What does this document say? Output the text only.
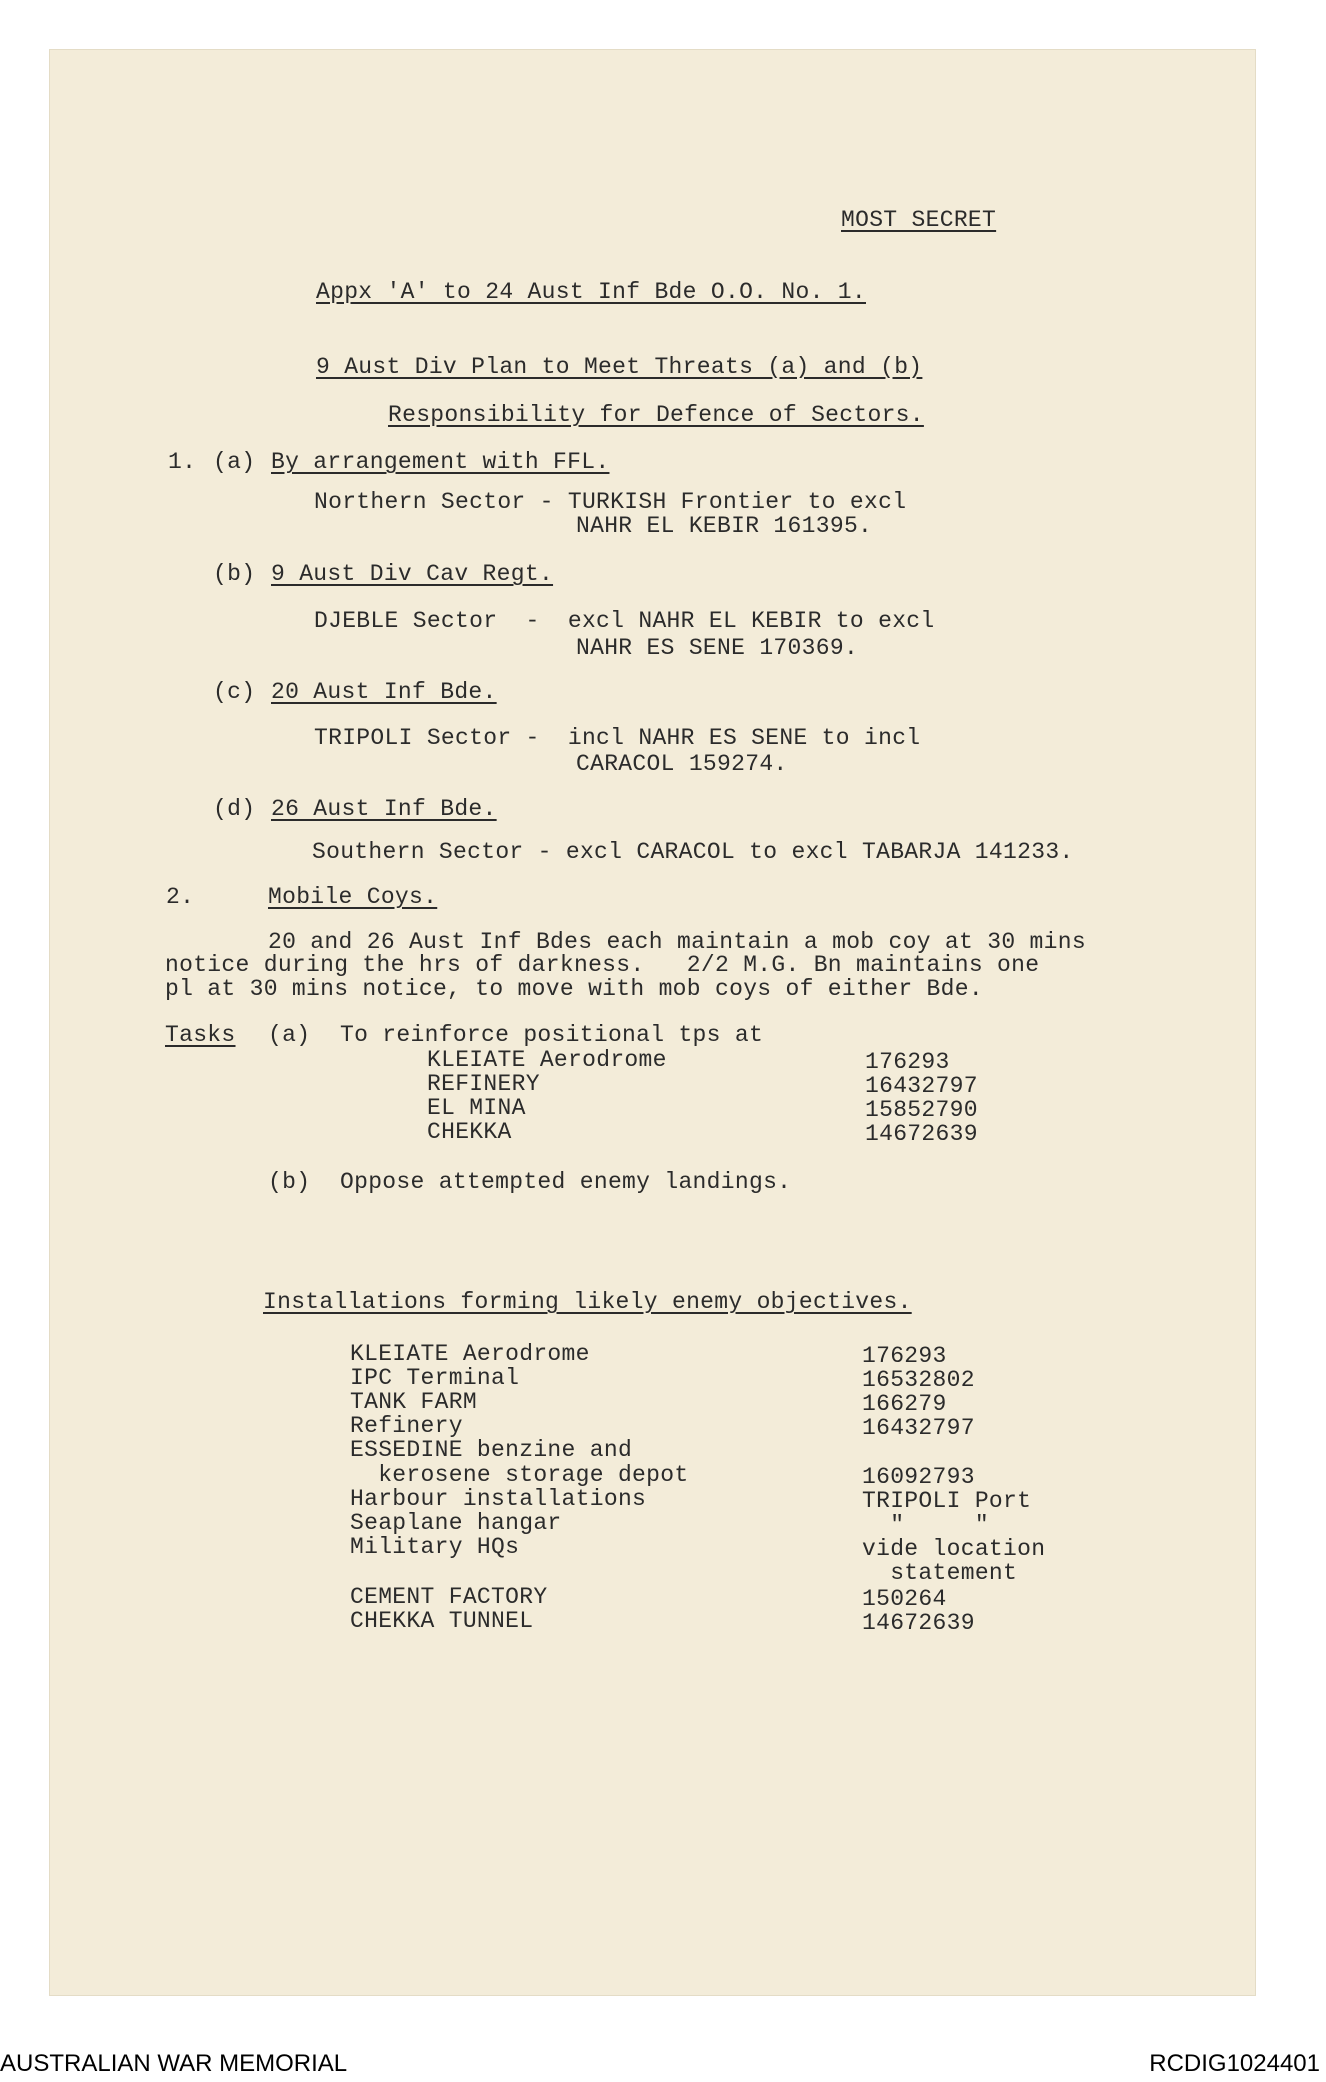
MOST SECRET
Appx 'A' to 24 Aust Inf Bde O.O. No. 1.
9 Aust Div Plan to Meet Threats (a) and (b)
Responsibility for Defence of Sectors.
1. (a) By arrangement with FFL.
Northern Sector - TURKISH Frontier to excl
NAHR EL KEBIR 161395.
(b) 9 Aust Div Cav Regt.
DJEBLE Sector  -  excl NAHR EL KEBIR to excl
NAHR ES SENE 170369.
(c) 20 Aust Inf Bde.
TRIPOLI Sector -  incl NAHR ES SENE to incl
CARACOL 159274.
(d) 26 Aust Inf Bde.
Southern Sector - excl CARACOL to excl TABARJA 141233.
2.	Mobile Coys.
20 and 26 Aust Inf Bdes each maintain a mob coy at 30 mins
notice during the hrs of darkness.   2/2 M.G. Bn maintains one
pl at 30 mins notice, to move with mob coys of either Bde.
Tasks (a) To reinforce positional tps at
KLEIATE Aerodrome	176293
REFINERY	16432797
EL MINA	15852790
CHEKKA	14672639
(b) Oppose attempted enemy landings.
Installations forming likely enemy objectives.
KLEIATE Aerodrome	176293
IPC Terminal	16532802
TANK FARM	166279
Refinery	16432797
ESSEDINE benzine and
kerosene storage depot	16092793
Harbour installations	TRIPOLI Port
Seaplane hangar	"     "
Military HQs	vide location
statement
CEMENT FACTORY	150264
CHEKKA TUNNEL	14672639
AUSTRALIAN WAR MEMORIAL	RCDIG1024401
